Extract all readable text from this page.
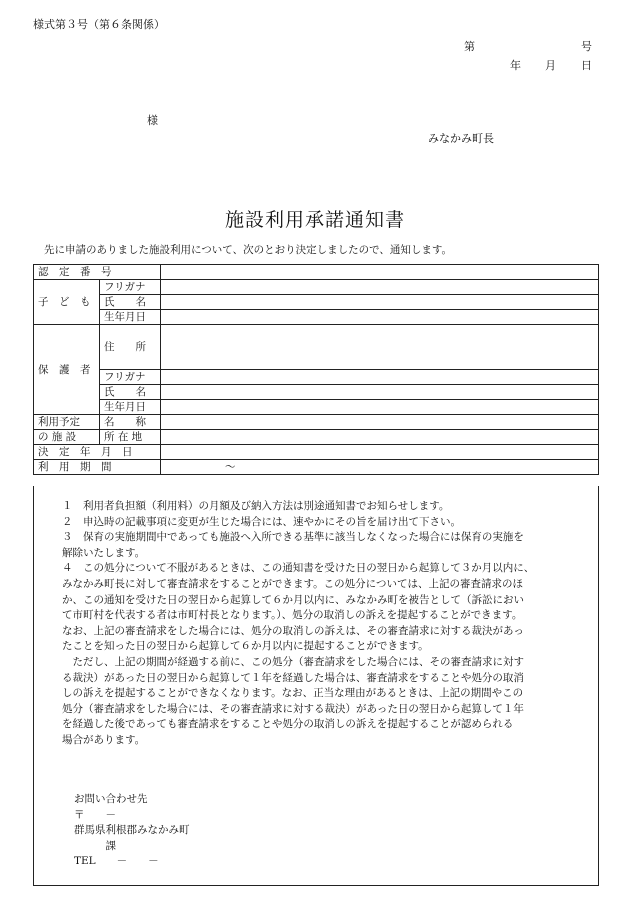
様式第３号（第６条関係）
第	号
年 月 日
様
みなかみ町長
施設利用承諾通知書
先に申請のありました施設利用について、次のとおり決定しましたので、通知します。
認　定　番　号		
子　ど　も	フリガナ	
	氏　　名	
	生年月日	
保　護　者	住　　所	
	フリガナ	
	氏　　名	
	生年月日	
利用予定	名　　称	
の 施 設	所 在 地	
決　定　年　月　日		
利　用　期　間		～

１　利用者負担額（利用料）の月額及び納入方法は別途通知書でお知らせします。

２　申込時の記載事項に変更が生じた場合には、速やかにその旨を届け出て下さい。

３　保育の実施期間中であっても施設へ入所できる基準に該当しなくなった場合には保育の実施を

解除いたします。

４　この処分について不服があるときは、この通知書を受けた日の翌日から起算して３か月以内に、

みなかみ町長に対して審査請求をすることができます。この処分については、上記の審査請求のほ

か、この通知を受けた日の翌日から起算して６か月以内に、みなかみ町を被告として（訴訟におい

て市町村を代表する者は市町村長となります。）、処分の取消しの訴えを提起することができます。

なお、上記の審査請求をした場合には、処分の取消しの訴えは、その審査請求に対する裁決があっ

たことを知った日の翌日から起算して６か月以内に提起することができます。

　ただし、上記の期間が経過する前に、この処分（審査請求をした場合には、その審査請求に対す

る裁決）があった日の翌日から起算して１年を経過した場合は、審査請求をすることや処分の取消

しの訴えを提起することができなくなります。なお、正当な理由があるときは、上記の期間やこの

処分（審査請求をした場合には、その審査請求に対する裁決）があった日の翌日から起算して１年

を経過した後であっても審査請求をすることや処分の取消しの訴えを提起することが認められる

場合があります。

お問い合わせ先
〒　　－
群馬県利根郡みなかみ町
　　　課
TEL　　－　　－
